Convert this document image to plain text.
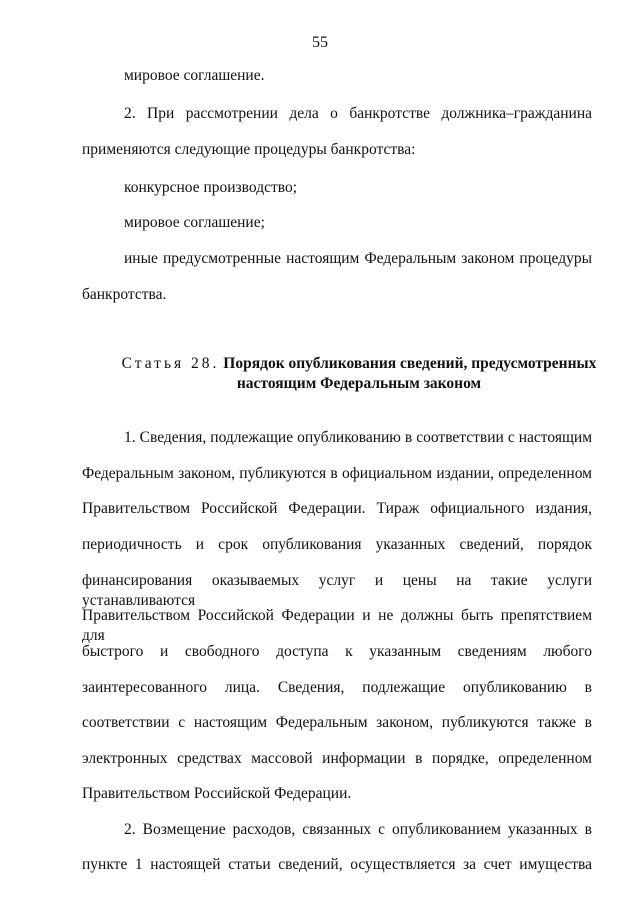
55
мировое соглашение.
2. При рассмотрении дела о банкротстве должника–гражданина
применяются следующие процедуры банкротства:
конкурсное производство;
мировое соглашение;
иные предусмотренные настоящим Федеральным законом процедуры
банкротства.
Статья 28. Порядок опубликования сведений, предусмотренных
настоящим Федеральным законом
1. Сведения, подлежащие опубликованию в соответствии с настоящим
Федеральным законом, публикуются в официальном издании, определенном
Правительством Российской Федерации. Тираж официального издания,
периодичность и срок опубликования указанных сведений, порядок
финансирования оказываемых услуг и цены на такие услуги устанавливаются
Правительством Российской Федерации и не должны быть препятствием для
быстрого и свободного доступа к указанным сведениям любого
заинтересованного лица. Сведения, подлежащие опубликованию в
соответствии с настоящим Федеральным законом, публикуются также в
электронных средствах массовой информации в порядке, определенном
Правительством Российской Федерации.
2. Возмещение расходов, связанных с опубликованием указанных в
пункте 1 настоящей статьи сведений, осуществляется за счет имущества
